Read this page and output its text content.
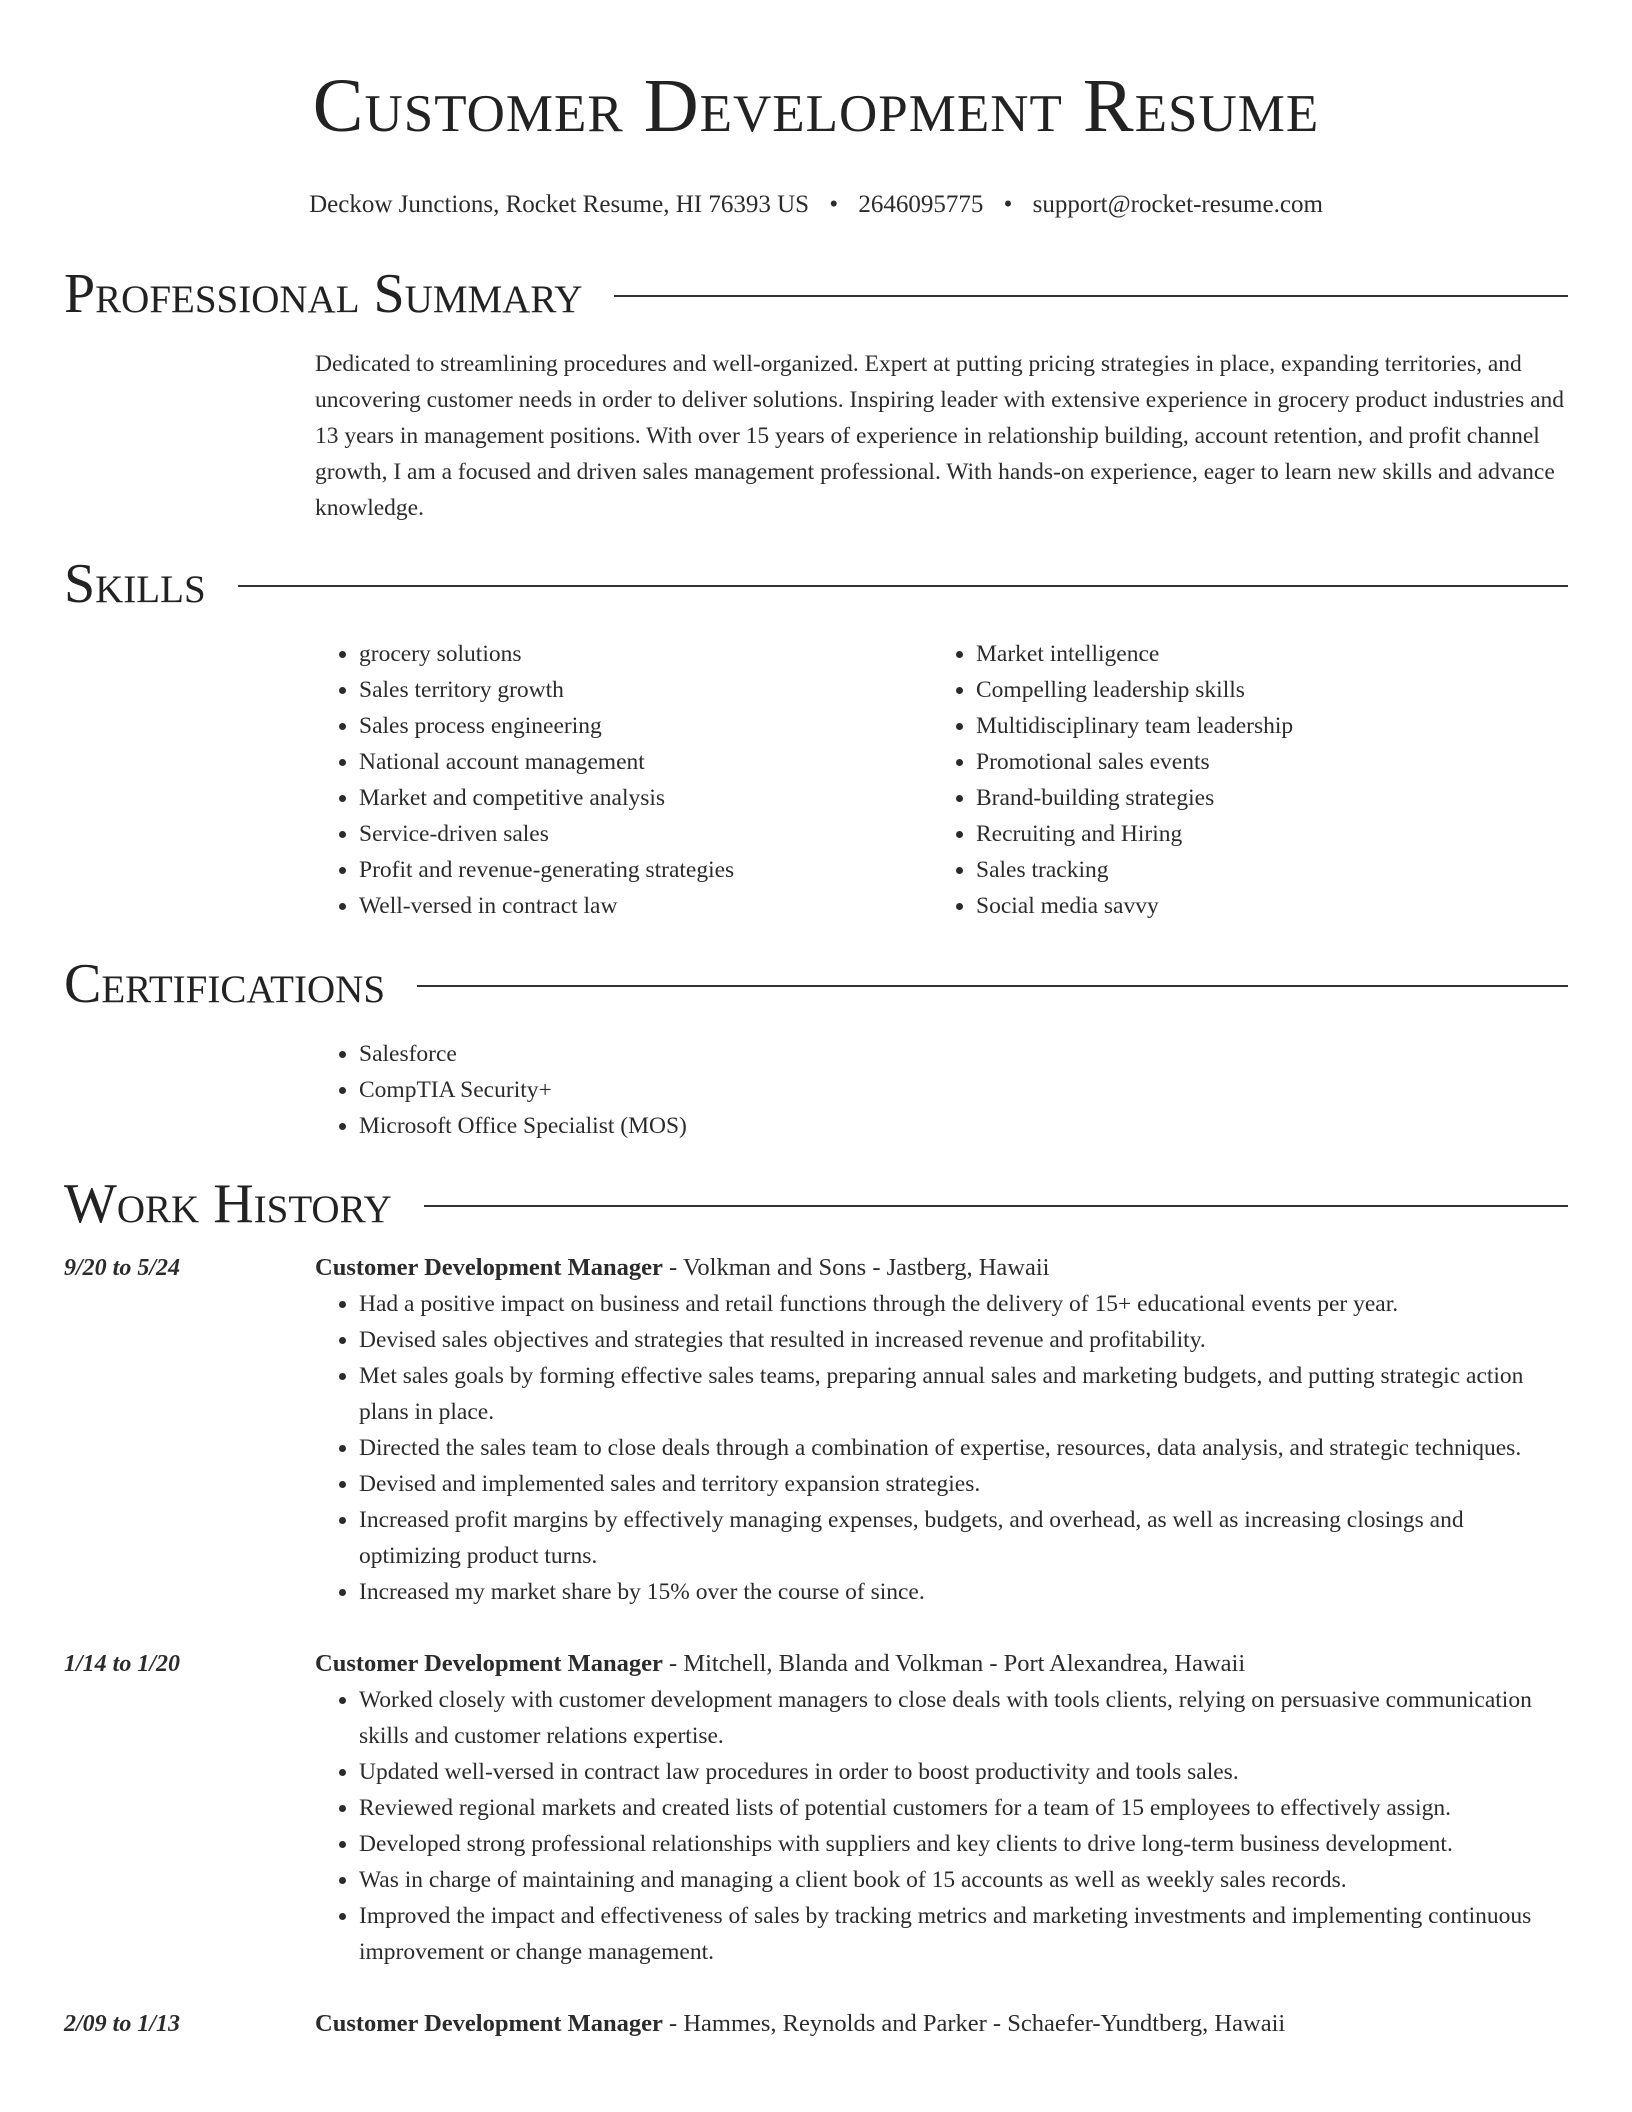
Customer Development Resume
Deckow Junctions, Rocket Resume, HI 76393 US • 2646095775 • support@rocket-resume.com
Professional Summary

Dedicated to streamlining procedures and well-organized. Expert at putting pricing strategies in place, expanding territories, and uncovering customer needs in order to deliver solutions. Inspiring leader with extensive experience in grocery product industries and 13 years in management positions. With over 15 years of experience in relationship building, account retention, and profit channel growth, I am a focused and driven sales management professional. With hands-on experience, eager to learn new skills and advance knowledge.

Skills
• grocery solutions
• Sales territory growth
• Sales process engineering
• National account management
• Market and competitive analysis
• Service-driven sales
• Profit and revenue-generating strategies
• Well-versed in contract law
• Market intelligence
• Compelling leadership skills
• Multidisciplinary team leadership
• Promotional sales events
• Brand-building strategies
• Recruiting and Hiring
• Sales tracking
• Social media savvy
Certifications
• Salesforce
• CompTIA Security+
• Microsoft Office Specialist (MOS)
Work History
9/20 to 5/24	Customer Development Manager - Volkman and Sons - Jastberg, Hawaii
• Had a positive impact on business and retail functions through the delivery of 15+ educational events per year.
• Devised sales objectives and strategies that resulted in increased revenue and profitability.
• Met sales goals by forming effective sales teams, preparing annual sales and marketing budgets, and putting strategic action plans in place.
• Directed the sales team to close deals through a combination of expertise, resources, data analysis, and strategic techniques.
• Devised and implemented sales and territory expansion strategies.
• Increased profit margins by effectively managing expenses, budgets, and overhead, as well as increasing closings and optimizing product turns.
• Increased my market share by 15% over the course of since.
1/14 to 1/20	Customer Development Manager - Mitchell, Blanda and Volkman - Port Alexandrea, Hawaii
• Worked closely with customer development managers to close deals with tools clients, relying on persuasive communication skills and customer relations expertise.
• Updated well-versed in contract law procedures in order to boost productivity and tools sales.
• Reviewed regional markets and created lists of potential customers for a team of 15 employees to effectively assign.
• Developed strong professional relationships with suppliers and key clients to drive long-term business development.
• Was in charge of maintaining and managing a client book of 15 accounts as well as weekly sales records.
• Improved the impact and effectiveness of sales by tracking metrics and marketing investments and implementing continuous improvement or change management.
2/09 to 1/13	Customer Development Manager - Hammes, Reynolds and Parker - Schaefer-Yundtberg, Hawaii
